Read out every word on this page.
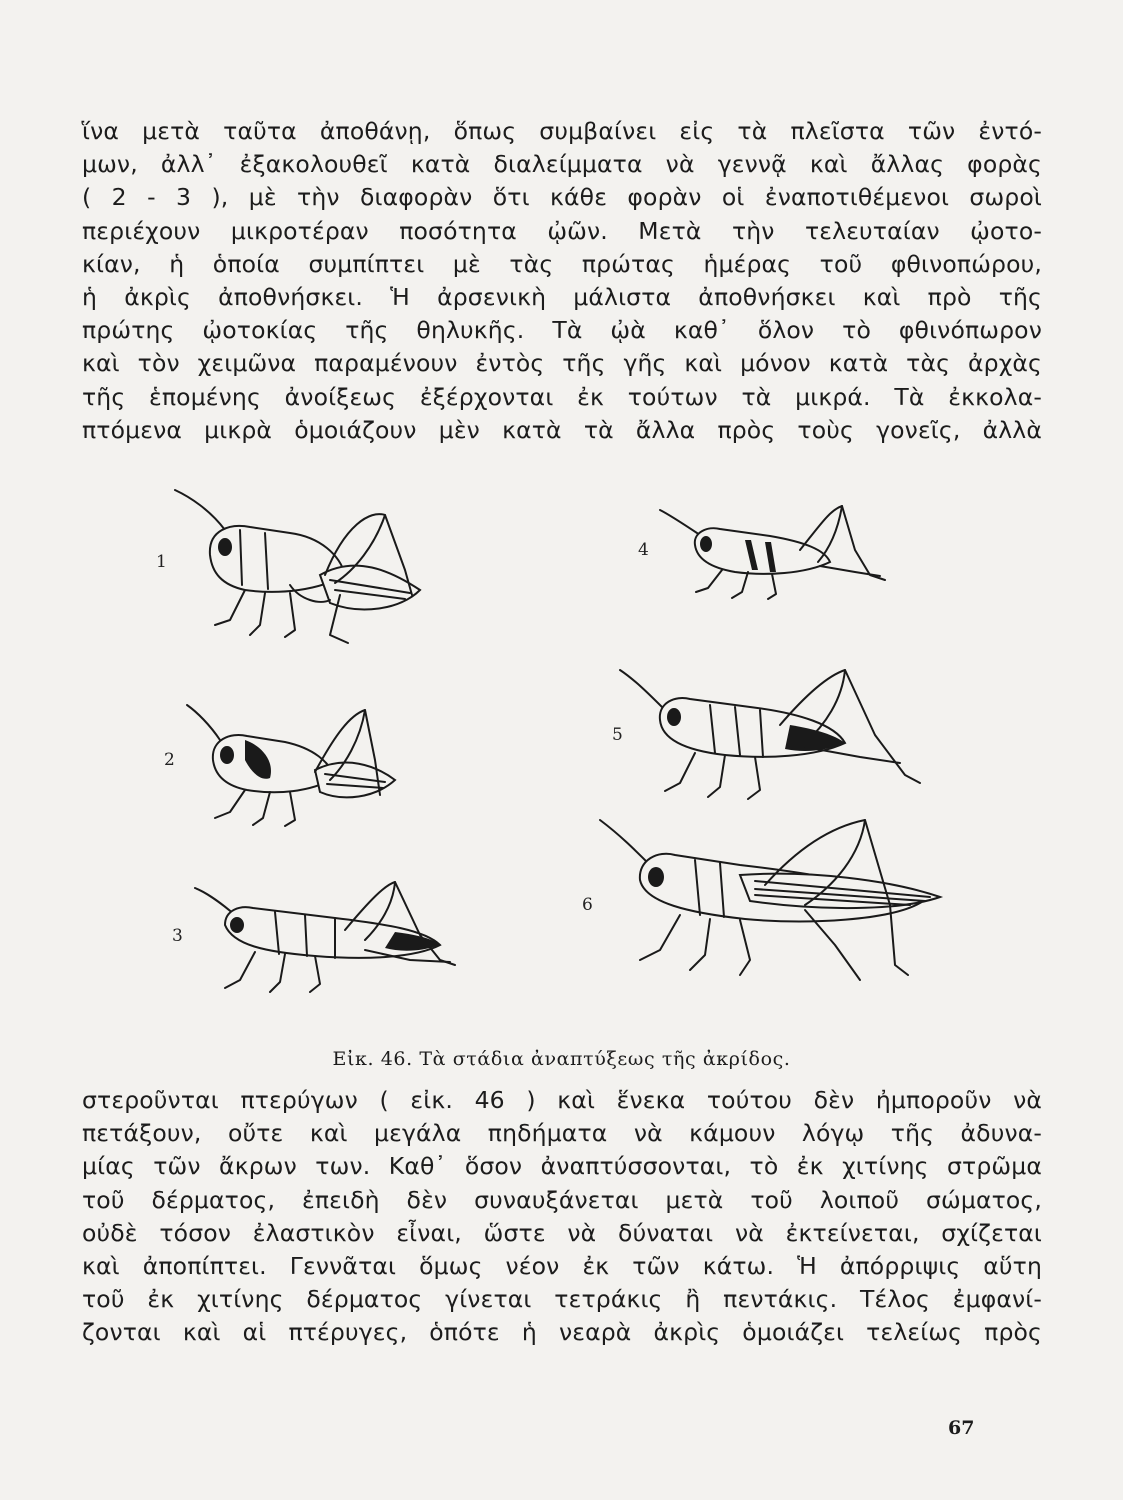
ἵνα μετὰ ταῦτα ἀποθάνῃ, ὅπως συμβαίνει εἰς τὰ πλεῖστα τῶν ἐντό-
μων, ἀλλ᾽ ἐξακολουθεῖ κατὰ διαλείμματα νὰ γεννᾷ καὶ ἄλλας φορὰς
( 2 - 3 ), μὲ τὴν διαφορὰν ὅτι κάθε φορὰν οἱ ἐναποτιθέμενοι σωροὶ
περιέχουν μικροτέραν ποσότητα ᾠῶν. Μετὰ τὴν τελευταίαν ᾠοτο-
κίαν, ἡ ὁποία συμπίπτει μὲ τὰς πρώτας ἡμέρας τοῦ φθινοπώρου,
ἡ ἀκρὶς ἀποθνήσκει. Ἡ ἀρσενικὴ μάλιστα ἀποθνήσκει καὶ πρὸ τῆς
πρώτης ᾠοτοκίας τῆς θηλυκῆς. Τὰ ᾠὰ καθ᾽ ὅλον τὸ φθινόπωρον
καὶ τὸν χειμῶνα παραμένουν ἐντὸς τῆς γῆς καὶ μόνον κατὰ τὰς ἀρχὰς
τῆς ἑπομένης ἀνοίξεως ἐξέρχονται ἐκ τούτων τὰ μικρά. Τὰ ἐκκολα-
πτόμενα μικρὰ ὁμοιάζουν μὲν κατὰ τὰ ἄλλα πρὸς τοὺς γονεῖς, ἀλλὰ
1
2
3
4
5
6
Εἰκ. 46. Τὰ στάδια ἀναπτύξεως τῆς ἀκρίδος.
στεροῦνται πτερύγων ( εἰκ. 46 ) καὶ ἕνεκα τούτου δὲν ἠμποροῦν νὰ
πετάξουν, οὔτε καὶ μεγάλα πηδήματα νὰ κάμουν λόγῳ τῆς ἀδυνα-
μίας τῶν ἄκρων των. Καθ᾽ ὅσον ἀναπτύσσονται, τὸ ἐκ χιτίνης στρῶμα
τοῦ δέρματος, ἐπειδὴ δὲν συναυξάνεται μετὰ τοῦ λοιποῦ σώματος,
οὐδὲ τόσον ἐλαστικὸν εἶναι, ὥστε νὰ δύναται νὰ ἐκτείνεται, σχίζεται
καὶ ἀποπίπτει. Γεννᾶται ὅμως νέον ἐκ τῶν κάτω. Ἡ ἀπόρριψις αὕτη
τοῦ ἐκ χιτίνης δέρματος γίνεται τετράκις ἢ πεντάκις. Τέλος ἐμφανί-
ζονται καὶ αἱ πτέρυγες, ὁπότε ἡ νεαρὰ ἀκρὶς ὁμοιάζει τελείως πρὸς
67
